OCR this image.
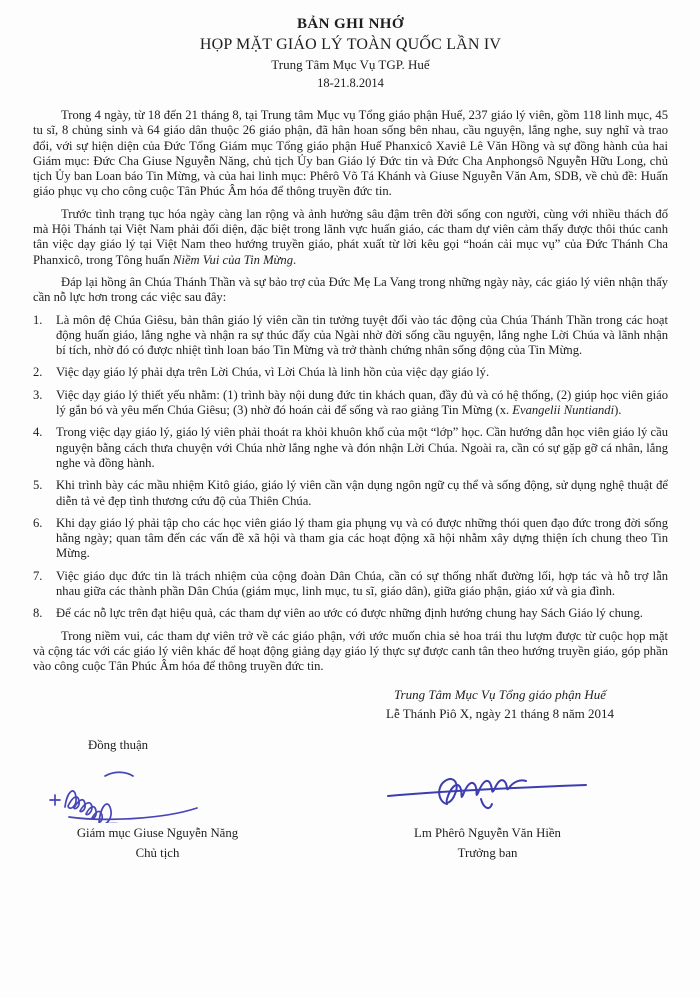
BẢN GHI NHỚ
HỌP MẶT GIÁO LÝ TOÀN QUỐC LẦN IV
Trung Tâm Mục Vụ TGP. Huế
18-21.8.2014

Trong 4 ngày, từ 18 đến 21 tháng 8, tại Trung tâm Mục vụ Tổng giáo phận Huế, 237 giáo lý viên, gồm 118 linh mục, 45 tu sĩ, 8 chủng sinh và 64 giáo dân thuộc 26 giáo phận, đã hân hoan sống bên nhau, cầu nguyện, lắng nghe, suy nghĩ và trao đổi, với sự hiện diện của Đức Tổng Giám mục Tổng giáo phận Huế Phanxicô Xaviê Lê Văn Hồng và sự đồng hành của hai Giám mục: Đức Cha Giuse Nguyễn Năng, chủ tịch Ủy ban Giáo lý Đức tin và Đức Cha Anphongsô Nguyễn Hữu Long, chủ tịch Ủy ban Loan báo Tin Mừng, và của hai linh mục: Phêrô Võ Tá Khánh và Giuse Nguyễn Văn Am, SDB, về chủ đề: Huấn giáo phục vụ cho công cuộc Tân Phúc Âm hóa để thông truyền đức tin.

Trước tình trạng tục hóa ngày càng lan rộng và ảnh hưởng sâu đậm trên đời sống con người, cùng với nhiều thách đố mà Hội Thánh tại Việt Nam phải đối diện, đặc biệt trong lãnh vực huấn giáo, các tham dự viên cảm thấy được thôi thúc canh tân việc dạy giáo lý tại Việt Nam theo hướng truyền giáo, phát xuất từ lời kêu gọi “hoán cải mục vụ” của Đức Thánh Cha Phanxicô, trong Tông huấn Niềm Vui của Tin Mừng.

Đáp lại hồng ân Chúa Thánh Thần và sự bảo trợ của Đức Mẹ La Vang trong những ngày này, các giáo lý viên nhận thấy cần nỗ lực hơn trong các việc sau đây:

1.	Là môn đệ Chúa Giêsu, bản thân giáo lý viên cần tin tưởng tuyệt đối vào tác động của Chúa Thánh Thần trong các hoạt động huấn giáo, lắng nghe và nhận ra sự thúc đẩy của Ngài nhờ đời sống cầu nguyện, lắng nghe Lời Chúa và lãnh nhận bí tích, nhờ đó có được nhiệt tình loan báo Tin Mừng và trở thành chứng nhân sống động của Tin Mừng.
2.	Việc dạy giáo lý phải dựa trên Lời Chúa, vì Lời Chúa là linh hồn của việc dạy giáo lý.
3.	Việc dạy giáo lý thiết yếu nhằm: (1) trình bày nội dung đức tin khách quan, đầy đủ và có hệ thống, (2) giúp học viên giáo lý gắn bó và yêu mến Chúa Giêsu; (3) nhờ đó hoán cải để sống và rao giảng Tin Mừng (x. Evangelii Nuntiandi).
4.	Trong việc dạy giáo lý, giáo lý viên phải thoát ra khỏi khuôn khổ của một “lớp” học. Cần hướng dẫn học viên giáo lý cầu nguyện bằng cách thưa chuyện với Chúa nhờ lắng nghe và đón nhận Lời Chúa. Ngoài ra, cần có sự gặp gỡ cá nhân, lắng nghe và đồng hành.
5.	Khi trình bày các mầu nhiệm Kitô giáo, giáo lý viên cần vận dụng ngôn ngữ cụ thể và sống động, sử dụng nghệ thuật để diễn tả vẻ đẹp tình thương cứu độ của Thiên Chúa.
6.	Khi dạy giáo lý phải tập cho các học viên giáo lý tham gia phụng vụ và có được những thói quen đạo đức trong đời sống hằng ngày; quan tâm đến các vấn đề xã hội và tham gia các hoạt động xã hội nhằm xây dựng thiện ích chung theo Tin Mừng.
7.	Việc giáo dục đức tin là trách nhiệm của cộng đoàn Dân Chúa, cần có sự thống nhất đường lối, hợp tác và hỗ trợ lẫn nhau giữa các thành phần Dân Chúa (giám mục, linh mục, tu sĩ, giáo dân), giữa giáo phận, giáo xứ và gia đình.
8.	Để các nỗ lực trên đạt hiệu quả, các tham dự viên ao ước có được những định hướng chung hay Sách Giáo lý chung.

Trong niềm vui, các tham dự viên trở về các giáo phận, với ước muốn chia sẻ hoa trái thu lượm được từ cuộc họp mặt và cộng tác với các giáo lý viên khác để hoạt động giảng dạy giáo lý thực sự được canh tân theo hướng truyền giáo, góp phần vào công cuộc Tân Phúc Âm hóa để thông truyền đức tin.

Trung Tâm Mục Vụ Tổng giáo phận Huế
Lễ Thánh Piô X, ngày 21 tháng 8 năm 2014
Đồng thuận
Giám mục Giuse Nguyễn Năng
Chủ tịch
Lm Phêrô Nguyễn Văn Hiền
Trưởng ban
